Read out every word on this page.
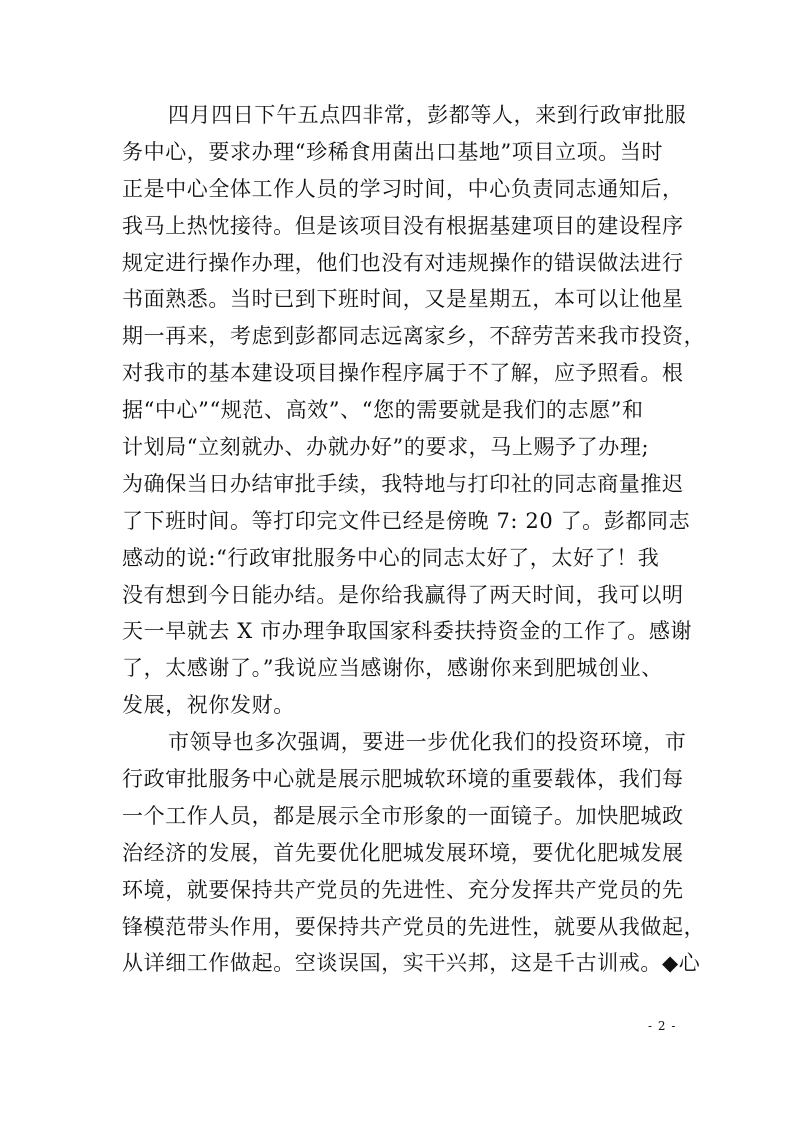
四月四日下午五点四非常，彭都等人，来到行政审批服
务中心，要求办理“珍稀食用菌出口基地”项目立项。当时
正是中心全体工作人员的学习时间，中心负责同志通知后，
我马上热忱接待。但是该项目没有根据基建项目的建设程序
规定进行操作办理，他们也没有对违规操作的错误做法进行
书面熟悉。当时已到下班时间，又是星期五，本可以让他星
期一再来，考虑到彭都同志远离家乡，不辞劳苦来我市投资，
对我市的基本建设项目操作程序属于不了解，应予照看。根
据“中心”“规范、高效”、“您的需要就是我们的志愿”和
计划局“立刻就办、办就办好”的要求，马上赐予了办理;
为确保当日办结审批手续，我特地与打印社的同志商量推迟
了下班时间。等打印完文件已经是傍晚 7: 20 了。彭都同志
感动的说:“行政审批服务中心的同志太好了，太好了！我
没有想到今日能办结。是你给我赢得了两天时间，我可以明
天一早就去 X 市办理争取国家科委扶持资金的工作了。感谢
了，太感谢了。”我说应当感谢你，感谢你来到肥城创业、
发展，祝你发财。
市领导也多次强调，要进一步优化我们的投资环境，市
行政审批服务中心就是展示肥城软环境的重要载体，我们每
一个工作人员，都是展示全市形象的一面镜子。加快肥城政
治经济的发展，首先要优化肥城发展环境，要优化肥城发展
环境，就要保持共产党员的先进性、充分发挥共产党员的先
锋模范带头作用，要保持共产党员的先进性，就要从我做起，
从详细工作做起。空谈误国，实干兴邦，这是千古训戒。◆心
- 2 -
